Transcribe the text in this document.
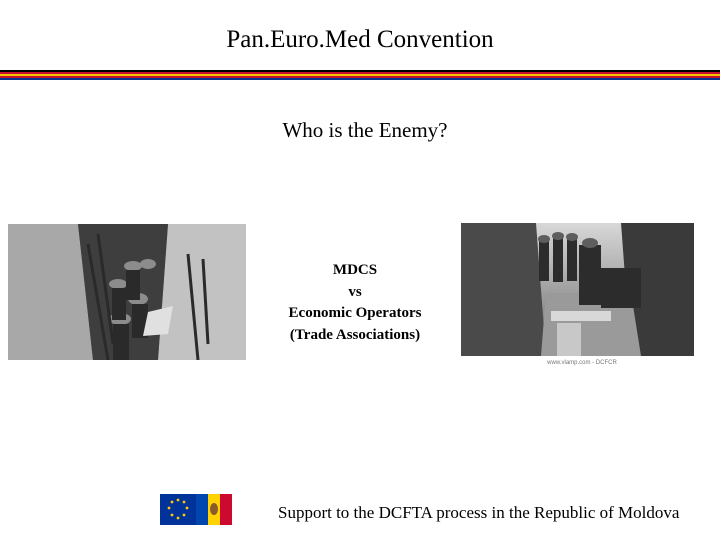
Pan.Euro.Med Convention
Who is the Enemy?
www.vlamp.com - DCFCR
MDCS
vs
Economic Operators
(Trade Associations)
Support to the DCFTA process in the Republic of Moldova
